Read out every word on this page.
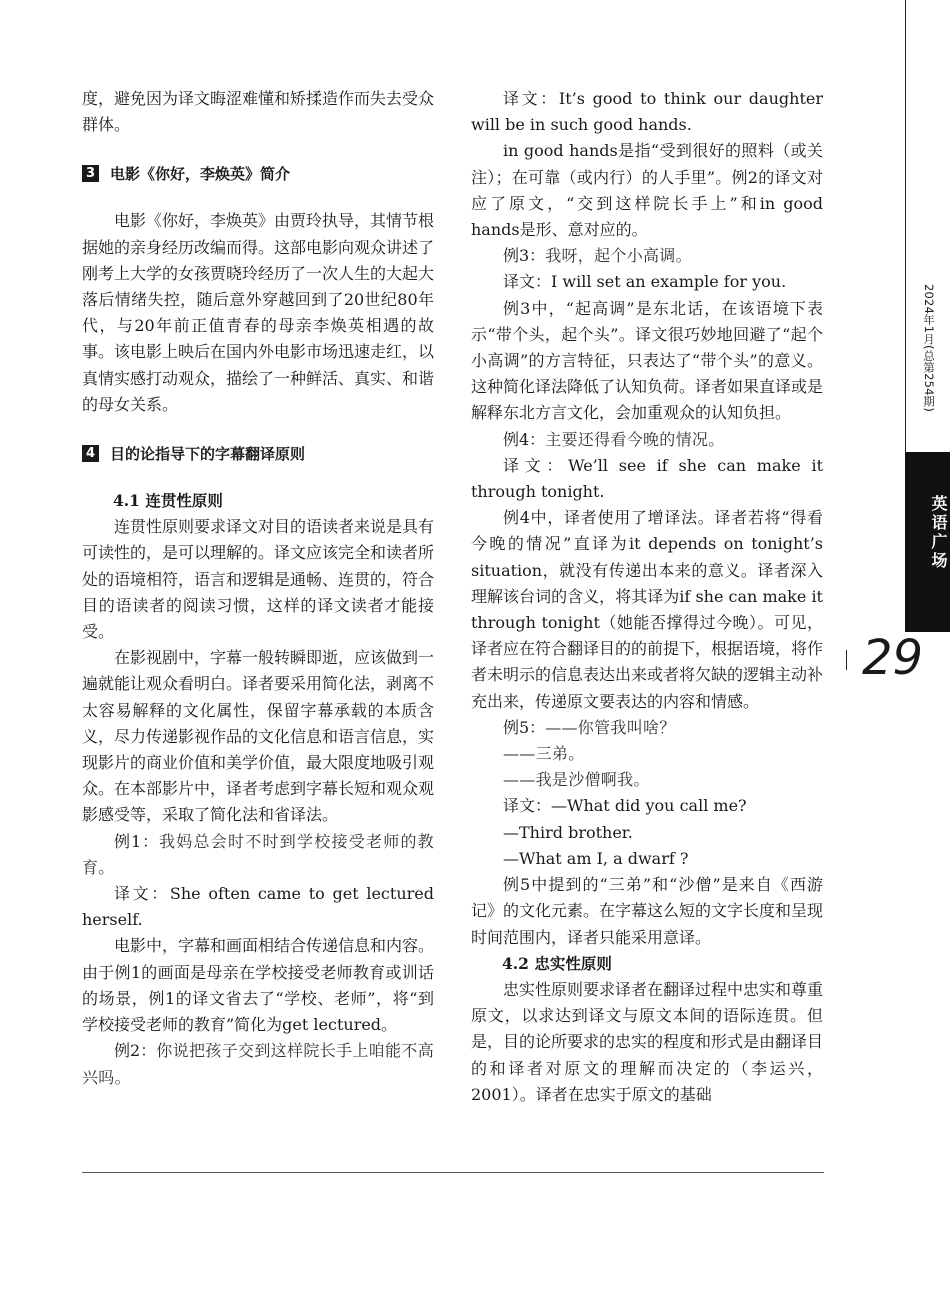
度，避免因为译文晦涩难懂和矫揉造作而失去受众群体。

3 电影《你好，李焕英》简介

电影《你好，李焕英》由贾玲执导，其情节根据她的亲身经历改编而得。这部电影向观众讲述了刚考上大学的女孩贾晓玲经历了一次人生的大起大落后情绪失控，随后意外穿越回到了20世纪80年代，与20年前正值青春的母亲李焕英相遇的故事。该电影上映后在国内外电影市场迅速走红，以真情实感打动观众，描绘了一种鲜活、真实、和谐的母女关系。

4 目的论指导下的字幕翻译原则

4.1 连贯性原则

连贯性原则要求译文对目的语读者来说是具有可读性的，是可以理解的。译文应该完全和读者所处的语境相符，语言和逻辑是通畅、连贯的，符合目的语读者的阅读习惯，这样的译文读者才能接受。

在影视剧中，字幕一般转瞬即逝，应该做到一遍就能让观众看明白。译者要采用简化法，剥离不太容易解释的文化属性，保留字幕承载的本质含义，尽力传递影视作品的文化信息和语言信息，实现影片的商业价值和美学价值，最大限度地吸引观众。在本部影片中，译者考虑到字幕长短和观众观影感受等，采取了简化法和省译法。

例1：我妈总会时不时到学校接受老师的教育。

译文：She often came to get lectured herself.

电影中，字幕和画面相结合传递信息和内容。由于例1的画面是母亲在学校接受老师教育或训话的场景，例1的译文省去了“学校、老师”，将“到学校接受老师的教育”简化为get lectured。

例2：你说把孩子交到这样院长手上咱能不高兴吗。

译文：It’s good to think our daughter will be in such good hands.

in good hands是指“受到很好的照料（或关注）；在可靠（或内行）的人手里”。例2的译文对应了原文，“交到这样院长手上”和in good hands是形、意对应的。

例3：我呀，起个小高调。

译文：I will set an example for you.

例3中，“起高调”是东北话，在该语境下表示“带个头，起个头”。译文很巧妙地回避了“起个小高调”的方言特征，只表达了“带个头”的意义。这种简化译法降低了认知负荷。译者如果直译或是解释东北方言文化，会加重观众的认知负担。

例4：主要还得看今晚的情况。

译文：We’ll see if she can make it through tonight.

例4中，译者使用了增译法。译者若将“得看今晚的情况”直译为it depends on tonight’s situation，就没有传递出本来的意义。译者深入理解该台词的含义，将其译为if she can make it through tonight（她能否撑得过今晚）。可见，译者应在符合翻译目的的前提下，根据语境，将作者未明示的信息表达出来或者将欠缺的逻辑主动补充出来，传递原文要表达的内容和情感。

例5：——你管我叫啥？

——三弟。

——我是沙僧啊我。

译文：—What did you call me?

—Third brother.

—What am I, a dwarf ?

例5中提到的“三弟”和“沙僧”是来自《西游记》的文化元素。在字幕这么短的文字长度和呈现时间范围内，译者只能采用意译。

4.2 忠实性原则

忠实性原则要求译者在翻译过程中忠实和尊重原文，以求达到译文与原文本间的语际连贯。但是，目的论所要求的忠实的程度和形式是由翻译目的和译者对原文的理解而决定的（李运兴，2001）。译者在忠实于原文的基础

2024年1月(总第254期)
英语广场
29
